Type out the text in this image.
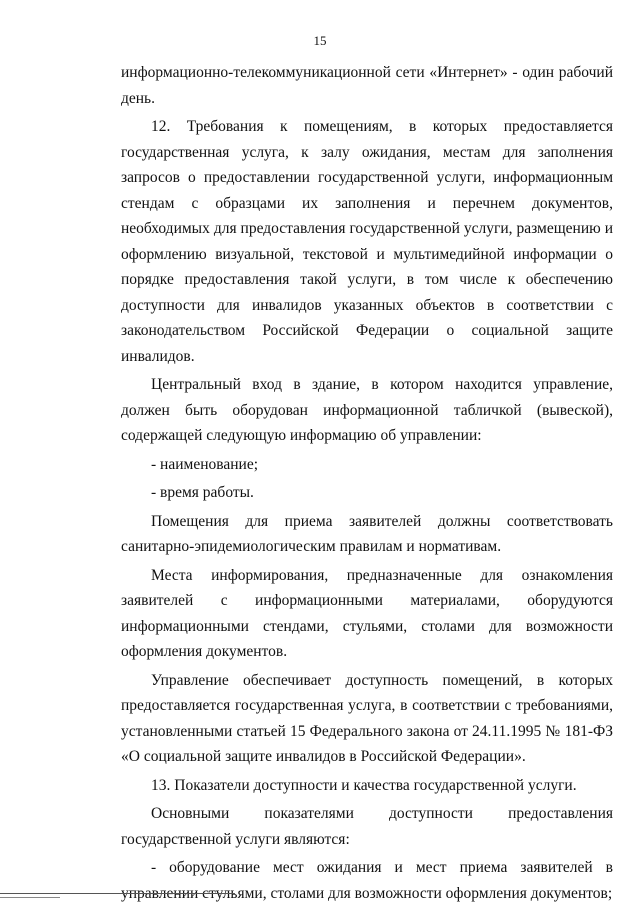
15

информационно-телекоммуникационной сети «Интернет» - один рабочий день.

12. Требования к помещениям, в которых предоставляется государственная услуга, к залу ожидания, местам для заполнения запросов о предоставлении государственной услуги, информационным стендам с образцами их заполнения и перечнем документов, необходимых для предоставления государственной услуги, размещению и оформлению визуальной, текстовой и мультимедийной информации о порядке предоставления такой услуги, в том числе к обеспечению доступности для инвалидов указанных объектов в соответствии с законодательством Российской Федерации о социальной защите инвалидов.

Центральный вход в здание, в котором находится управление, должен быть оборудован информационной табличкой (вывеской), содержащей следующую информацию об управлении:

- наименование;

- время работы.

Помещения для приема заявителей должны соответствовать санитарно-эпидемиологическим правилам и нормативам.

Места информирования, предназначенные для ознакомления заявителей с информационными материалами, оборудуются информационными стендами, стульями, столами для возможности оформления документов.

Управление обеспечивает доступность помещений, в которых предоставляется государственная услуга, в соответствии с требованиями, установленными статьей 15 Федерального закона от 24.11.1995 № 181-ФЗ «О социальной защите инвалидов в Российской Федерации».

13. Показатели доступности и качества государственной услуги.

Основными показателями доступности предоставления государственной услуги являются:

- оборудование мест ожидания и мест приема заявителей в управлении стульями, столами для возможности оформления документов;
